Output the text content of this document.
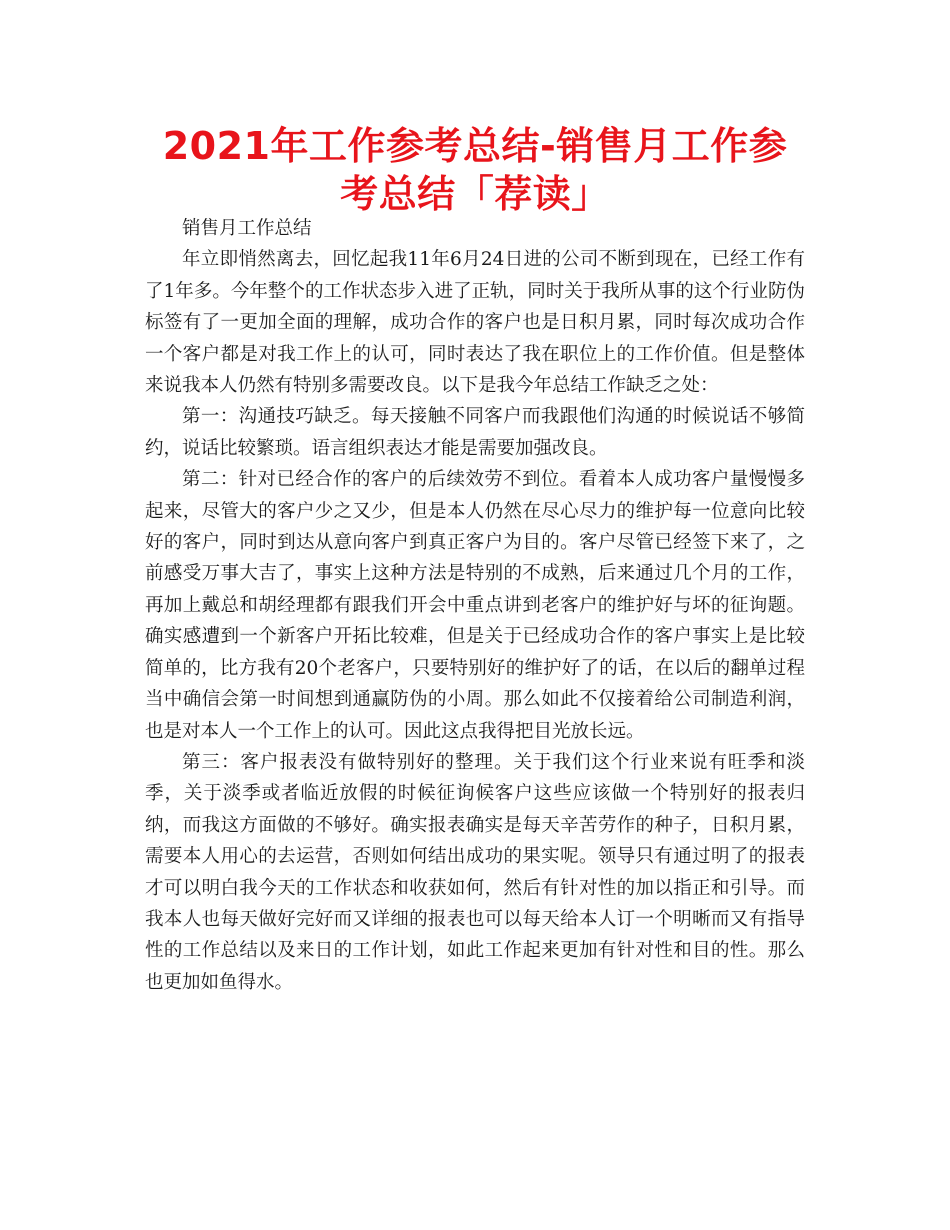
2021年工作参考总结-销售月工作参考总结「荐读」

销售月工作总结

年立即悄然离去，回忆起我11年6月24日进的公司不断到现在，已经工作有了1年多。今年整个的工作状态步入进了正轨，同时关于我所从事的这个行业防伪标签有了一更加全面的理解，成功合作的客户也是日积月累，同时每次成功合作一个客户都是对我工作上的认可，同时表达了我在职位上的工作价值。但是整体来说我本人仍然有特别多需要改良。以下是我今年总结工作缺乏之处：

第一：沟通技巧缺乏。每天接触不同客户而我跟他们沟通的时候说话不够简约，说话比较繁琐。语言组织表达才能是需要加强改良。

第二：针对已经合作的客户的后续效劳不到位。看着本人成功客户量慢慢多起来，尽管大的客户少之又少，但是本人仍然在尽心尽力的维护每一位意向比较好的客户，同时到达从意向客户到真正客户为目的。客户尽管已经签下来了，之前感受万事大吉了，事实上这种方法是特别的不成熟，后来通过几个月的工作，再加上戴总和胡经理都有跟我们开会中重点讲到老客户的维护好与坏的征询题。确实感遭到一个新客户开拓比较难，但是关于已经成功合作的客户事实上是比较简单的，比方我有20个老客户，只要特别好的维护好了的话，在以后的翻单过程当中确信会第一时间想到通赢防伪的小周。那么如此不仅接着给公司制造利润，也是对本人一个工作上的认可。因此这点我得把目光放长远。

第三：客户报表没有做特别好的整理。关于我们这个行业来说有旺季和淡季，关于淡季或者临近放假的时候征询候客户这些应该做一个特别好的报表归纳，而我这方面做的不够好。确实报表确实是每天辛苦劳作的种子，日积月累，需要本人用心的去运营，否则如何结出成功的果实呢。领导只有通过明了的报表才可以明白我今天的工作状态和收获如何，然后有针对性的加以指正和引导。而我本人也每天做好完好而又详细的报表也可以每天给本人订一个明晰而又有指导性的工作总结以及来日的工作计划，如此工作起来更加有针对性和目的性。那么也更加如鱼得水。
